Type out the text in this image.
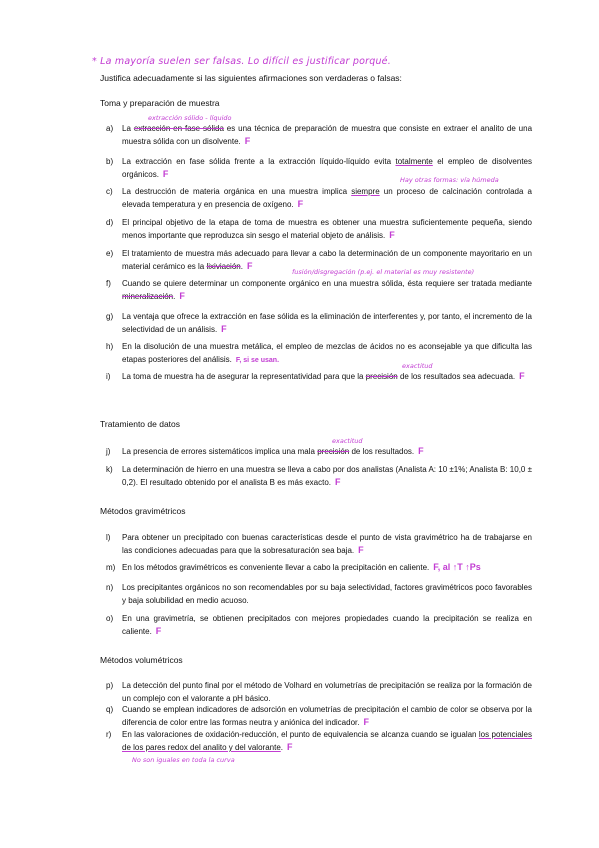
* La mayoría suelen ser falsas. Lo difícil es justificar porqué.
Justifica adecuadamente si las siguientes afirmaciones son verdaderas o falsas:
Toma y preparación de muestra
extracción sólido - líquido
a)	La extracción en fase sólida es una técnica de preparación de muestra que consiste en extraer el analito de una muestra sólida con un disolvente. F
b)	La extracción en fase sólida frente a la extracción líquido-líquido evita totalmente el empleo de disolventes orgánicos. F
Hay otras formas: vía húmeda
c)	La destrucción de materia orgánica en una muestra implica siempre un proceso de calcinación controlada a elevada temperatura y en presencia de oxígeno. F
d)	El principal objetivo de la etapa de toma de muestra es obtener una muestra suficientemente pequeña, siendo menos importante que reproduzca sin sesgo el material objeto de análisis. F
e)	El tratamiento de muestra más adecuado para llevar a cabo la determinación de un componente mayoritario en un material cerámico es la lixiviación. F
fusión/disgregación (p.ej. el material es muy resistente)
f)	Cuando se quiere determinar un componente orgánico en una muestra sólida, ésta requiere ser tratada mediante mineralización. F
g)	La ventaja que ofrece la extracción en fase sólida es la eliminación de interferentes y, por tanto, el incremento de la selectividad de un análisis. F
h)	En la disolución de una muestra metálica, el empleo de mezclas de ácidos no es aconsejable ya que dificulta las etapas posteriores del análisis. F, si se usan.
exactitud
i)	La toma de muestra ha de asegurar la representatividad para que la precisión de los resultados sea adecuada. F
Tratamiento de datos
exactitud
j)	La presencia de errores sistemáticos implica una mala precisión de los resultados. F
k)	La determinación de hierro en una muestra se lleva a cabo por dos analistas (Analista A: 10 ±1%; Analista B: 10,0 ± 0,2). El resultado obtenido por el analista B es más exacto. F
Métodos gravimétricos
l)	Para obtener un precipitado con buenas características desde el punto de vista gravimétrico ha de trabajarse en las condiciones adecuadas para que la sobresaturación sea baja. F
m) En los métodos gravimétricos es conveniente llevar a cabo la precipitación en caliente. F, al ↑T ↑Ps
n)	Los precipitantes orgánicos no son recomendables por su baja selectividad, factores gravimétricos poco favorables y baja solubilidad en medio acuoso.
o)	En una gravimetría, se obtienen precipitados con mejores propiedades cuando la precipitación se realiza en caliente. F
Métodos volumétricos
p)	La detección del punto final por el método de Volhard en volumetrías de precipitación se realiza por la formación de un complejo con el valorante a pH básico.
q)	Cuando se emplean indicadores de adsorción en volumetrías de precipitación el cambio de color se observa por la diferencia de color entre las formas neutra y aniónica del indicador. F
r)	En las valoraciones de oxidación-reducción, el punto de equivalencia se alcanza cuando se igualan los potenciales de los pares redox del analito y del valorante. F
No son iguales en toda la curva
